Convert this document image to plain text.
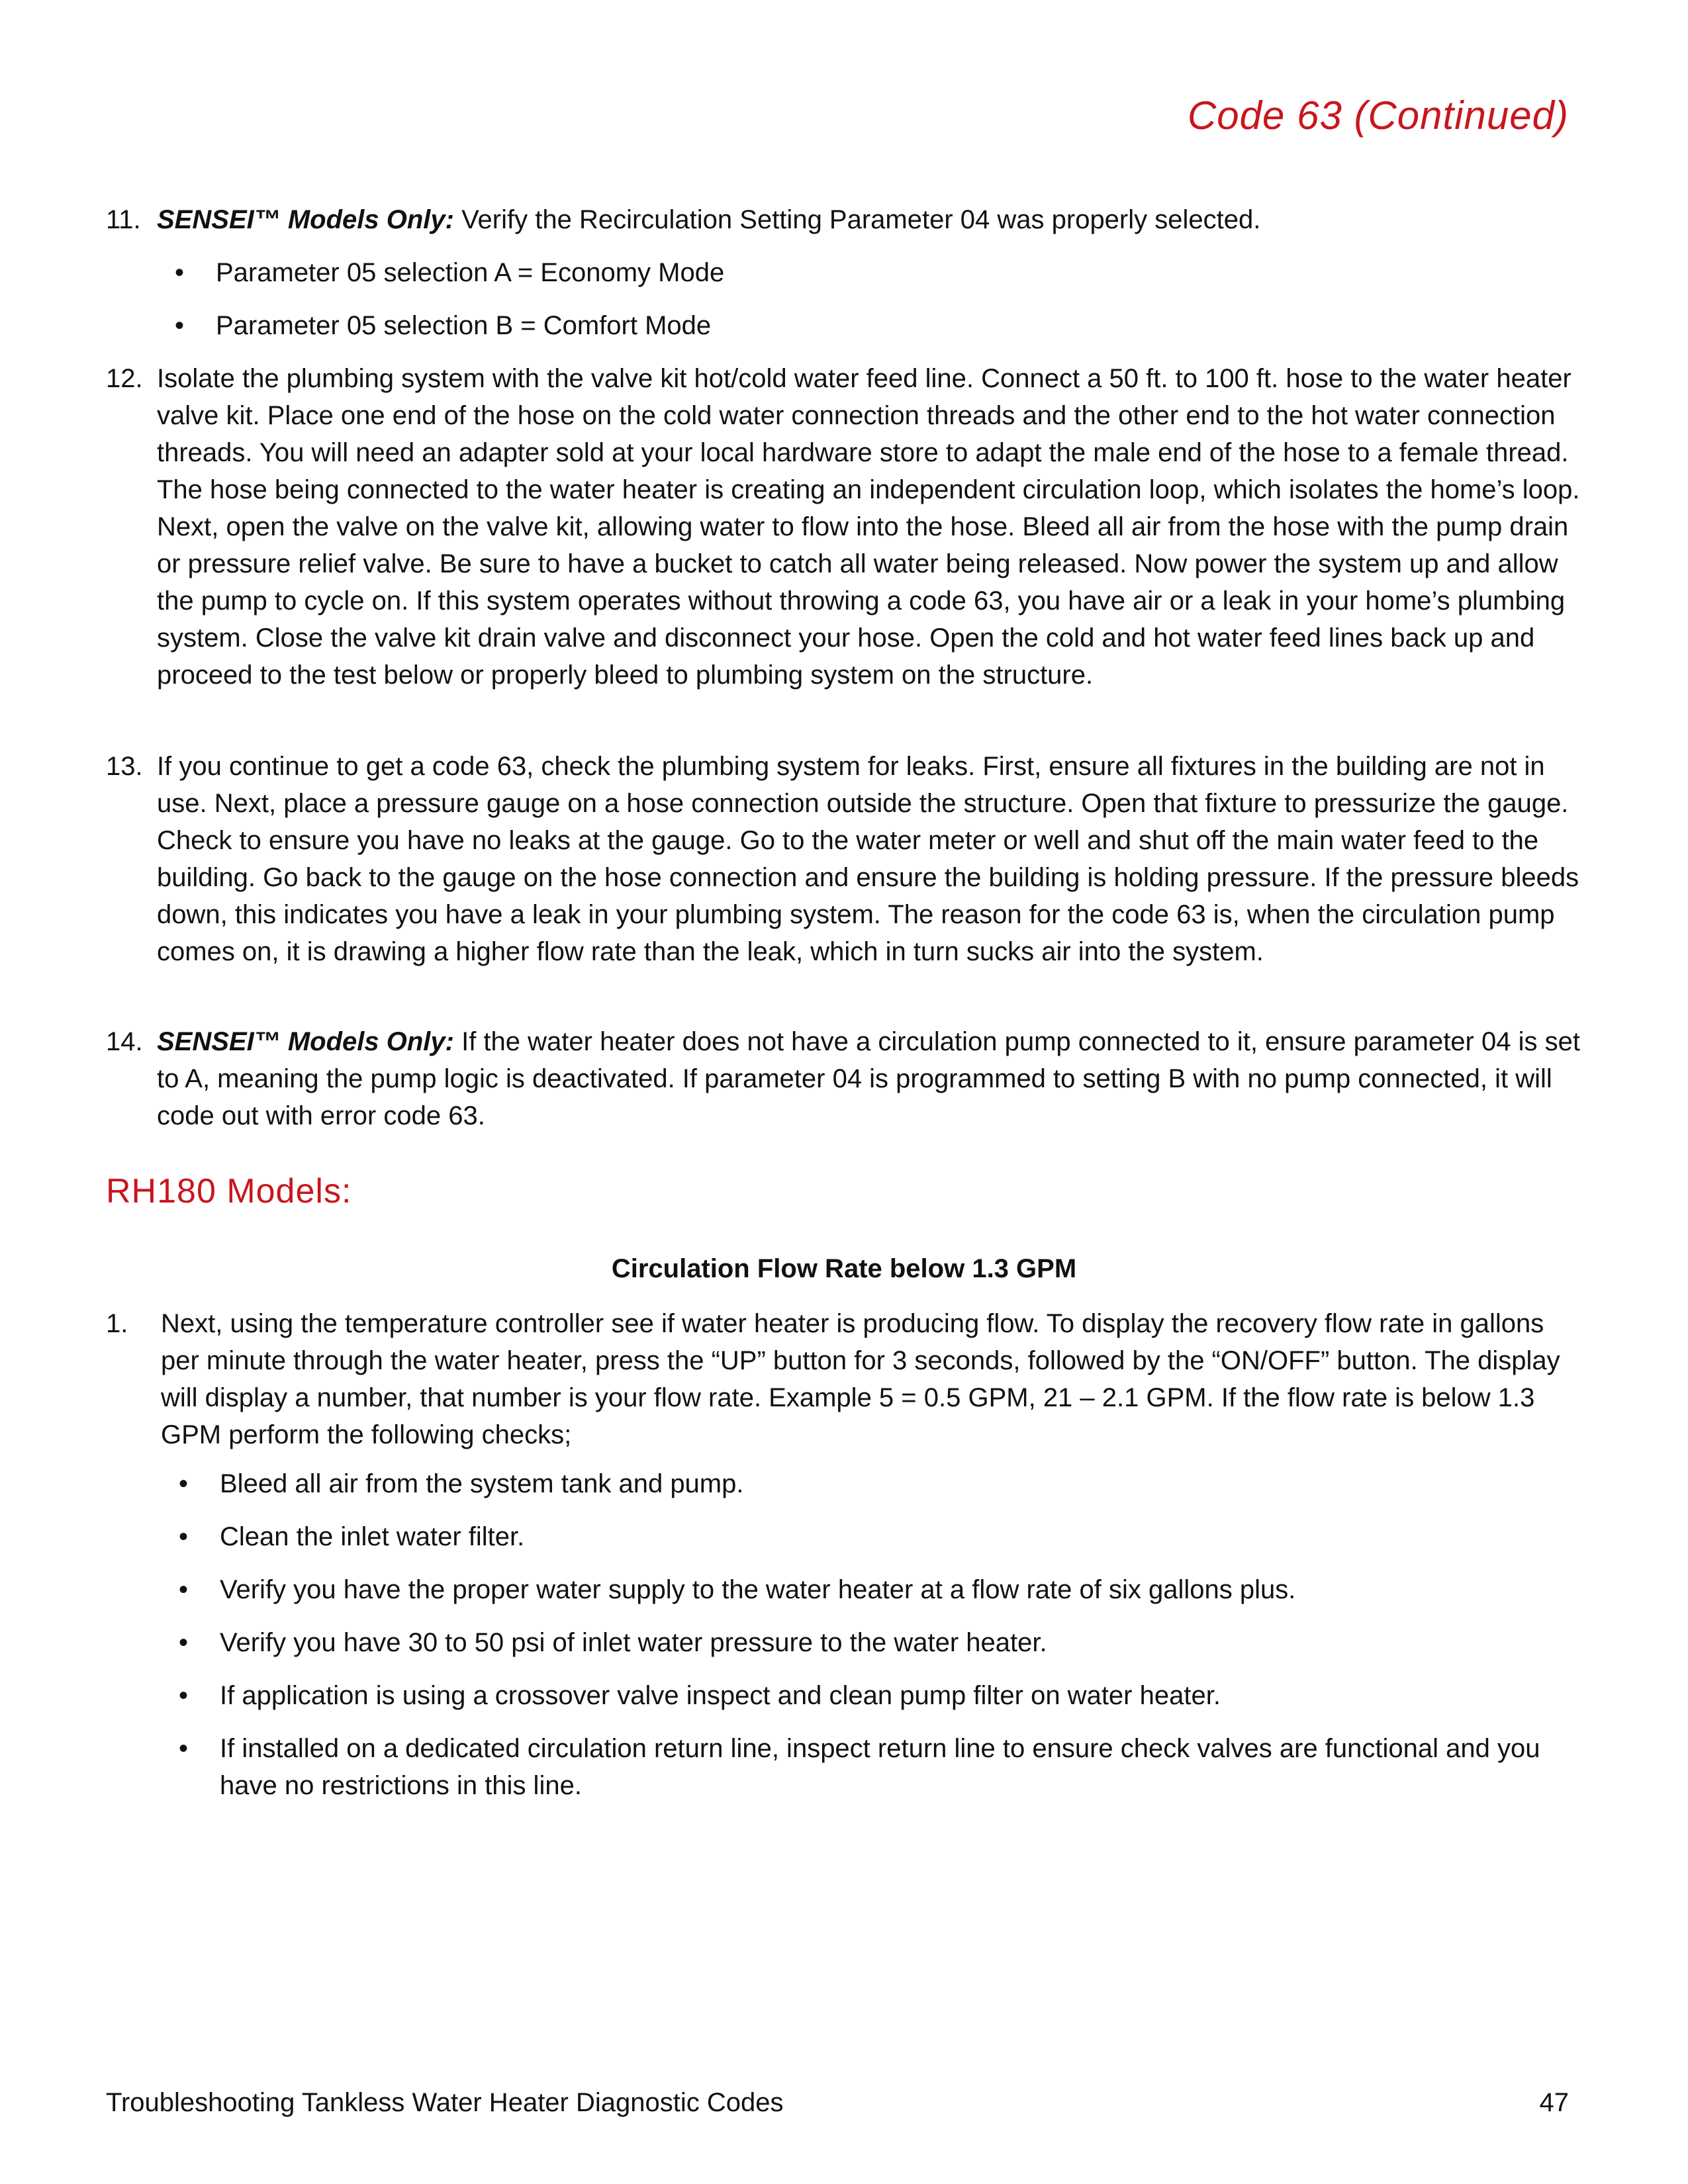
Code 63 (Continued)

11. SENSEI™ Models Only: Verify the Recirculation Setting Parameter 04 was properly selected.

• Parameter 05 selection A = Economy Mode
• Parameter 05 selection B = Comfort Mode

12. Isolate the plumbing system with the valve kit hot/cold water feed line. Connect a 50 ft. to 100 ft. hose to the water heater valve kit. Place one end of the hose on the cold water connection threads and the other end to the hot water connection threads. You will need an adapter sold at your local hardware store to adapt the male end of the hose to a female thread. The hose being connected to the water heater is creating an independent circulation loop, which isolates the home’s loop. Next, open the valve on the valve kit, allowing water to flow into the hose. Bleed all air from the hose with the pump drain or pressure relief valve. Be sure to have a bucket to catch all water being released. Now power the system up and allow the pump to cycle on. If this system operates without throwing a code 63, you have air or a leak in your home’s plumbing system. Close the valve kit drain valve and disconnect your hose. Open the cold and hot water feed lines back up and proceed to the test below or properly bleed to plumbing system on the structure.

13. If you continue to get a code 63, check the plumbing system for leaks. First, ensure all fixtures in the building are not in use. Next, place a pressure gauge on a hose connection outside the structure. Open that fixture to pressurize the gauge. Check to ensure you have no leaks at the gauge. Go to the water meter or well and shut off the main water feed to the building. Go back to the gauge on the hose connection and ensure the building is holding pressure. If the pressure bleeds down, this indicates you have a leak in your plumbing system. The reason for the code 63 is, when the circulation pump comes on, it is drawing a higher flow rate than the leak, which in turn sucks air into the system.

14. SENSEI™ Models Only: If the water heater does not have a circulation pump connected to it, ensure parameter 04 is set to A, meaning the pump logic is deactivated. If parameter 04 is programmed to setting B with no pump connected, it will code out with error code 63.

RH180 Models:
Circulation Flow Rate below 1.3 GPM

1.	Next, using the temperature controller see if water heater is producing flow. To display the recovery flow rate in gallons per minute through the water heater, press the “UP” button for 3 seconds, followed by the “ON/OFF” button. The display will display a number, that number is your flow rate. Example 5 = 0.5 GPM, 21 – 2.1 GPM. If the flow rate is below 1.3 GPM perform the following checks;

• Bleed all air from the system tank and pump.
• Clean the inlet water filter.
• Verify you have the proper water supply to the water heater at a flow rate of six gallons plus.
• Verify you have 30 to 50 psi of inlet water pressure to the water heater.
• If application is using a crossover valve inspect and clean pump filter on water heater.
• If installed on a dedicated circulation return line, inspect return line to ensure check valves are functional and you have no restrictions in this line.
Troubleshooting Tankless Water Heater Diagnostic Codes	47
